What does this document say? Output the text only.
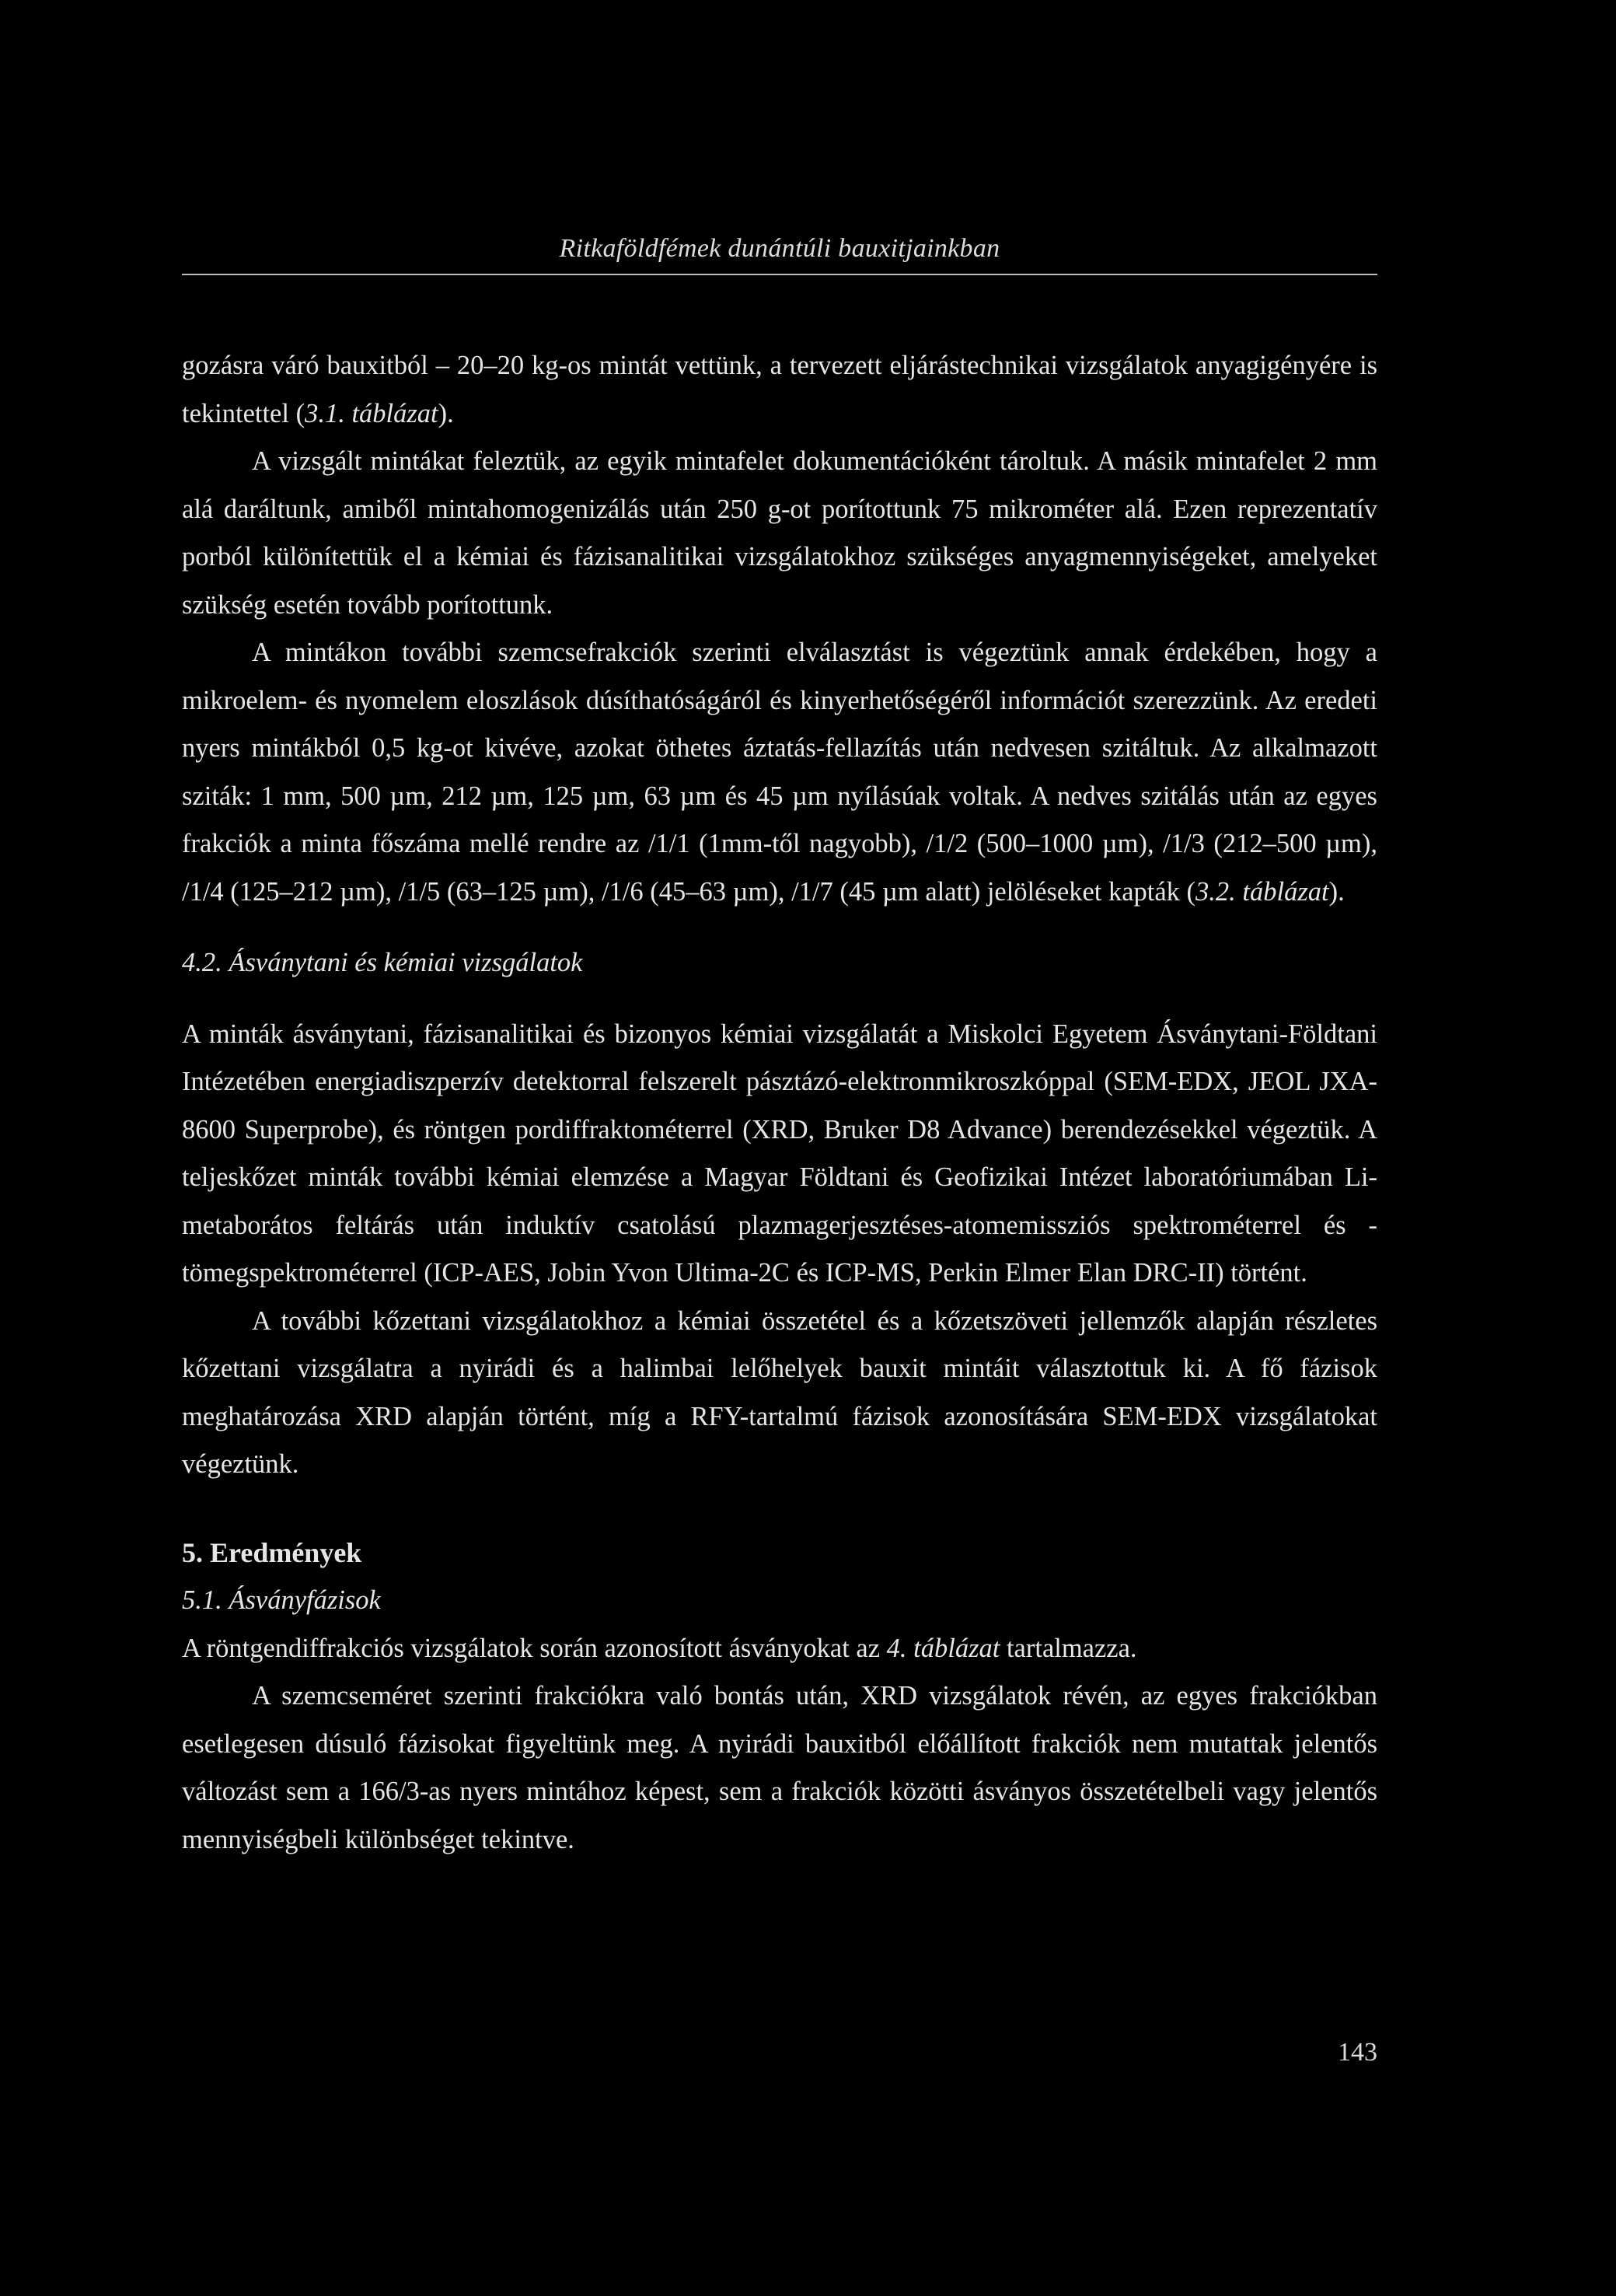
Ritkaföldfémek dunántúli bauxitjainkban

gozásra váró bauxitból – 20–20 kg-os mintát vettünk, a tervezett eljárástechnikai vizsgálatok anyagigényére is tekintettel (3.1. táblázat).

A vizsgált mintákat feleztük, az egyik mintafelet dokumentációként tároltuk. A másik mintafelet 2 mm alá daráltunk, amiből mintahomogenizálás után 250 g-ot porítottunk 75 mikrométer alá. Ezen reprezentatív porból különítettük el a kémiai és fázisanalitikai vizsgálatokhoz szükséges anyagmennyiségeket, amelyeket szükség esetén tovább porítottunk.

A mintákon további szemcsefrakciók szerinti elválasztást is végeztünk annak érdekében, hogy a mikroelem- és nyomelem eloszlások dúsíthatóságáról és kinyerhetőségéről információt szerezzünk. Az eredeti nyers mintákból 0,5 kg-ot kivéve, azokat öthetes áztatás-fellazítás után nedvesen szitáltuk. Az alkalmazott sziták: 1 mm, 500 µm, 212 µm, 125 µm, 63 µm és 45 µm nyílásúak voltak. A nedves szitálás után az egyes frakciók a minta főszáma mellé rendre az /1/1 (1mm-től nagyobb), /1/2 (500–1000 µm), /1/3 (212–500 µm), /1/4 (125–212 µm), /1/5 (63–125 µm), /1/6 (45–63 µm), /1/7 (45 µm alatt) jelöléseket kapták (3.2. táblázat).

4.2. Ásványtani és kémiai vizsgálatok

A minták ásványtani, fázisanalitikai és bizonyos kémiai vizsgálatát a Miskolci Egyetem Ásványtani-Földtani Intézetében energiadiszperzív detektorral felszerelt pásztázó-elektronmikroszkóppal (SEM-EDX, JEOL JXA-8600 Superprobe), és röntgen pordiffraktométerrel (XRD, Bruker D8 Advance) berendezésekkel végeztük. A teljeskőzet minták további kémiai elemzése a Magyar Földtani és Geofizikai Intézet laboratóriumában Li-metaborátos feltárás után induktív csatolású plazmagerjesztéses-atomemissziós spektrométerrel és -tömegspektrométerrel (ICP-AES, Jobin Yvon Ultima-2C és ICP-MS, Perkin Elmer Elan DRC-II) történt.

A további kőzettani vizsgálatokhoz a kémiai összetétel és a kőzetszöveti jellemzők alapján részletes kőzettani vizsgálatra a nyirádi és a halimbai lelőhelyek bauxit mintáit választottuk ki. A fő fázisok meghatározása XRD alapján történt, míg a RFY-tartalmú fázisok azonosítására SEM-EDX vizsgálatokat végeztünk.

5. Eredmények

5.1. Ásványfázisok

A röntgendiffrakciós vizsgálatok során azonosított ásványokat az 4. táblázat tartalmazza.

A szemcseméret szerinti frakciókra való bontás után, XRD vizsgálatok révén, az egyes frakciókban esetlegesen dúsuló fázisokat figyeltünk meg. A nyirádi bauxitból előállított frakciók nem mutattak jelentős változást sem a 166/3-as nyers mintához képest, sem a frakciók közötti ásványos összetételbeli vagy jelentős mennyiségbeli különbséget tekintve.

143
